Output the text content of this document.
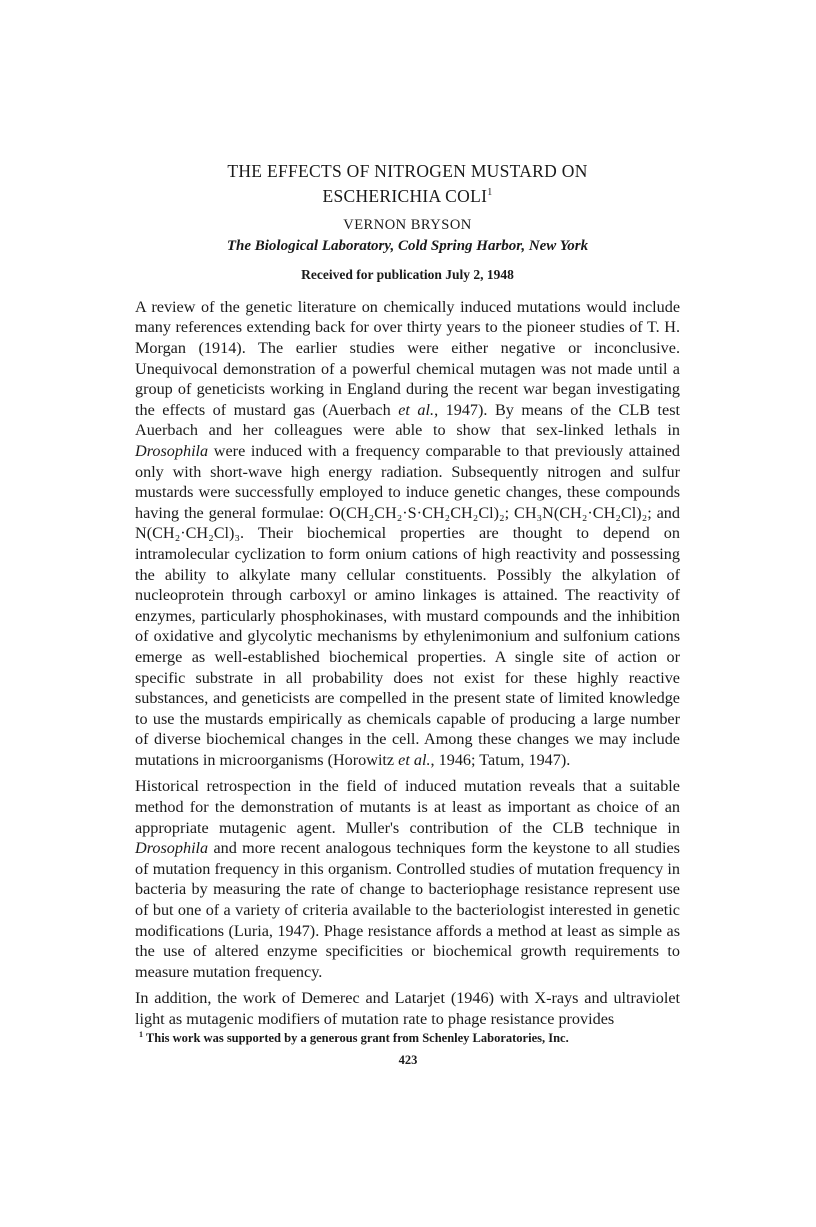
THE EFFECTS OF NITROGEN MUSTARD ON
ESCHERICHIA COLI$^1$
VERNON BRYSON
The Biological Laboratory, Cold Spring Harbor, New York
Received for publication July 2, 1948

A review of the genetic literature on chemically induced mutations would include many references extending back for over thirty years to the pioneer studies of T. H. Morgan (1914). The earlier studies were either negative or inconclusive. Unequivocal demonstration of a powerful chemical mutagen was not made until a group of geneticists working in England during the recent war began investigating the effects of mustard gas (Auerbach et al., 1947). By means of the CLB test Auerbach and her colleagues were able to show that sex-linked lethals in Drosophila were induced with a frequency comparable to that previously attained only with short-wave high energy radiation. Subsequently nitrogen and sulfur mustards were successfully employed to induce genetic changes, these compounds having the general formulae: O(CH₂CH₂·S·CH₂CH₂Cl)₂; CH₃N(CH₂·CH₂Cl)₂; and N(CH₂·CH₂Cl)₃. Their biochemical properties are thought to depend on intramolecular cyclization to form onium cations of high reactivity and possessing the ability to alkylate many cellular constituents. Possibly the alkylation of nucleoprotein through carboxyl or amino linkages is attained. The reactivity of enzymes, particularly phosphokinases, with mustard compounds and the inhibition of oxidative and glycolytic mechanisms by ethylenimonium and sulfonium cations emerge as well-established biochemical properties. A single site of action or specific substrate in all probability does not exist for these highly reactive substances, and geneticists are compelled in the present state of limited knowledge to use the mustards empirically as chemicals capable of producing a large number of diverse biochemical changes in the cell. Among these changes we may include mutations in microorganisms (Horowitz et al., 1946; Tatum, 1947).

Historical retrospection in the field of induced mutation reveals that a suitable method for the demonstration of mutants is at least as important as choice of an appropriate mutagenic agent. Muller's contribution of the CLB technique in Drosophila and more recent analogous techniques form the keystone to all studies of mutation frequency in this organism. Controlled studies of mutation frequency in bacteria by measuring the rate of change to bacteriophage resistance represent use of but one of a variety of criteria available to the bacteriologist interested in genetic modifications (Luria, 1947). Phage resistance affords a method at least as simple as the use of altered enzyme specificities or biochemical growth requirements to measure mutation frequency.

In addition, the work of Demerec and Latarjet (1946) with X-rays and ultraviolet light as mutagenic modifiers of mutation rate to phage resistance provides

$^1$ This work was supported by a generous grant from Schenley Laboratories, Inc.
423
